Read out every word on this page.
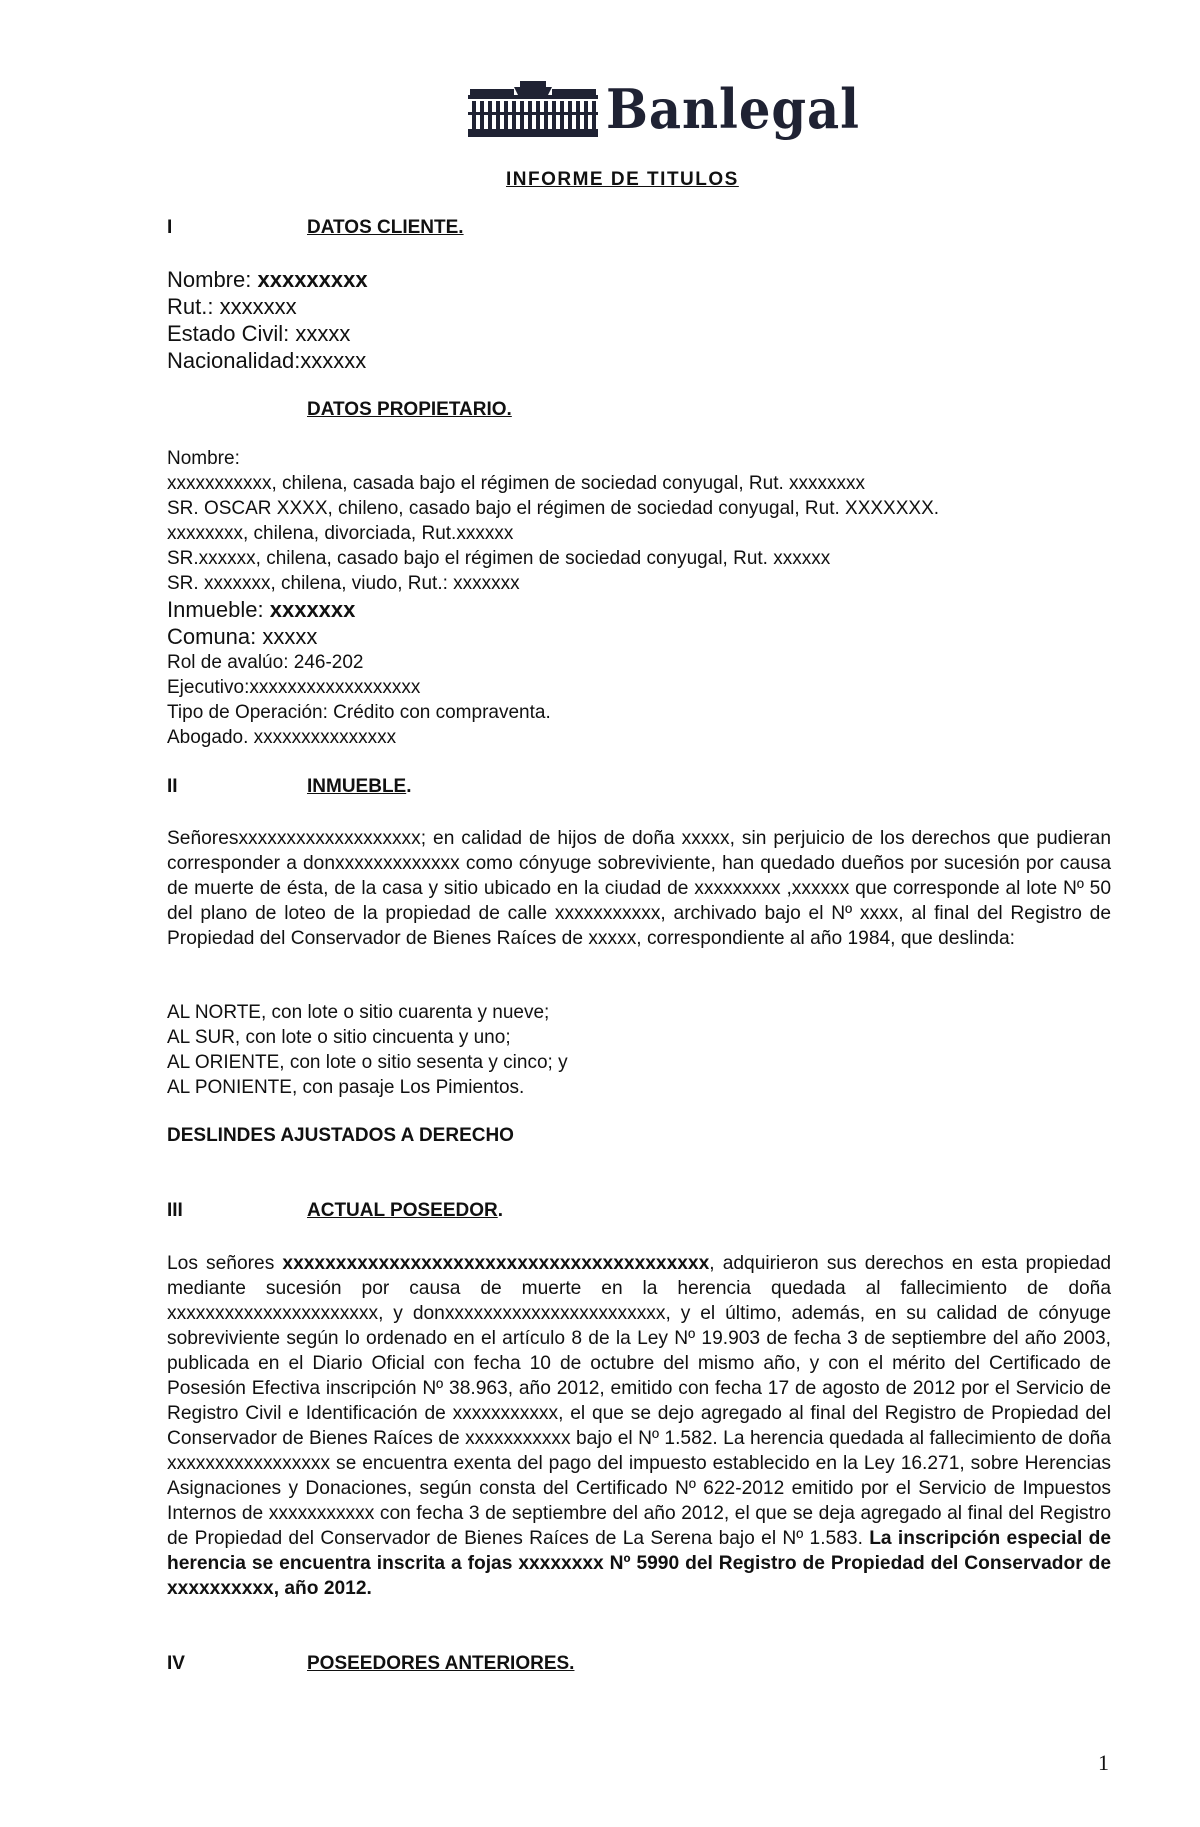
Banlegal
INFORME DE TITULOS
I	DATOS CLIENTE.
Nombre: xxxxxxxxx
Rut.: xxxxxxx
Estado Civil: xxxxx
Nacionalidad:xxxxxx
DATOS PROPIETARIO.
Nombre:
xxxxxxxxxxx, chilena, casada bajo el régimen de sociedad conyugal, Rut. xxxxxxxx
SR. OSCAR XXXX, chileno, casado bajo el régimen de sociedad conyugal, Rut. XXXXXXX.
xxxxxxxx, chilena, divorciada, Rut.xxxxxx
SR.xxxxxx, chilena, casado bajo el régimen de sociedad conyugal, Rut. xxxxxx
SR. xxxxxxx, chilena, viudo, Rut.: xxxxxxx
Inmueble: xxxxxxx
Comuna: xxxxx
Rol de avalúo: 246-202
Ejecutivo:xxxxxxxxxxxxxxxxxx
Tipo de Operación: Crédito con compraventa.
Abogado. xxxxxxxxxxxxxxx
II	INMUEBLE.

Señoresxxxxxxxxxxxxxxxxxxx; en calidad de hijos de doña xxxxx, sin perjuicio de los derechos que pudieran corresponder a donxxxxxxxxxxxxx como cónyuge sobreviviente, han quedado dueños por sucesión por causa de muerte de ésta, de la casa y sitio ubicado en la ciudad de xxxxxxxxx ,xxxxxx que corresponde al lote Nº 50 del plano de loteo de la propiedad de calle xxxxxxxxxxx, archivado bajo el Nº xxxx, al final del Registro de Propiedad del Conservador de Bienes Raíces de xxxxx, correspondiente al año 1984, que deslinda:

AL NORTE, con lote o sitio cuarenta y nueve;
AL SUR, con lote o sitio cincuenta y uno;
AL ORIENTE, con lote o sitio sesenta y cinco; y
AL PONIENTE, con pasaje Los Pimientos.
DESLINDES AJUSTADOS A DERECHO
III	ACTUAL POSEEDOR.

Los señores xxxxxxxxxxxxxxxxxxxxxxxxxxxxxxxxxxxxxxxx, adquirieron sus derechos en esta propiedad mediante sucesión por causa de muerte en la herencia quedada al fallecimiento de doña xxxxxxxxxxxxxxxxxxxxxx, y donxxxxxxxxxxxxxxxxxxxxxxx, y el último, además, en su calidad de cónyuge sobreviviente según lo ordenado en el artículo 8 de la Ley Nº 19.903 de fecha 3 de septiembre del año 2003, publicada en el Diario Oficial con fecha 10 de octubre del mismo año, y con el mérito del Certificado de Posesión Efectiva inscripción Nº 38.963, año 2012, emitido con fecha 17 de agosto de 2012 por el Servicio de Registro Civil e Identificación de xxxxxxxxxxx, el que se dejo agregado al final del Registro de Propiedad del Conservador de Bienes Raíces de xxxxxxxxxxx bajo el Nº 1.582. La herencia quedada al fallecimiento de doña xxxxxxxxxxxxxxxxx se encuentra exenta del pago del impuesto establecido en la Ley 16.271, sobre Herencias Asignaciones y Donaciones, según consta del Certificado Nº 622-2012 emitido por el Servicio de Impuestos Internos de xxxxxxxxxxx con fecha 3 de septiembre del año 2012, el que se deja agregado al final del Registro de Propiedad del Conservador de Bienes Raíces de La Serena bajo el Nº 1.583. La inscripción especial de herencia se encuentra inscrita a fojas xxxxxxxx Nº 5990 del Registro de Propiedad del Conservador de xxxxxxxxxx, año 2012.

IV	POSEEDORES ANTERIORES.
1
